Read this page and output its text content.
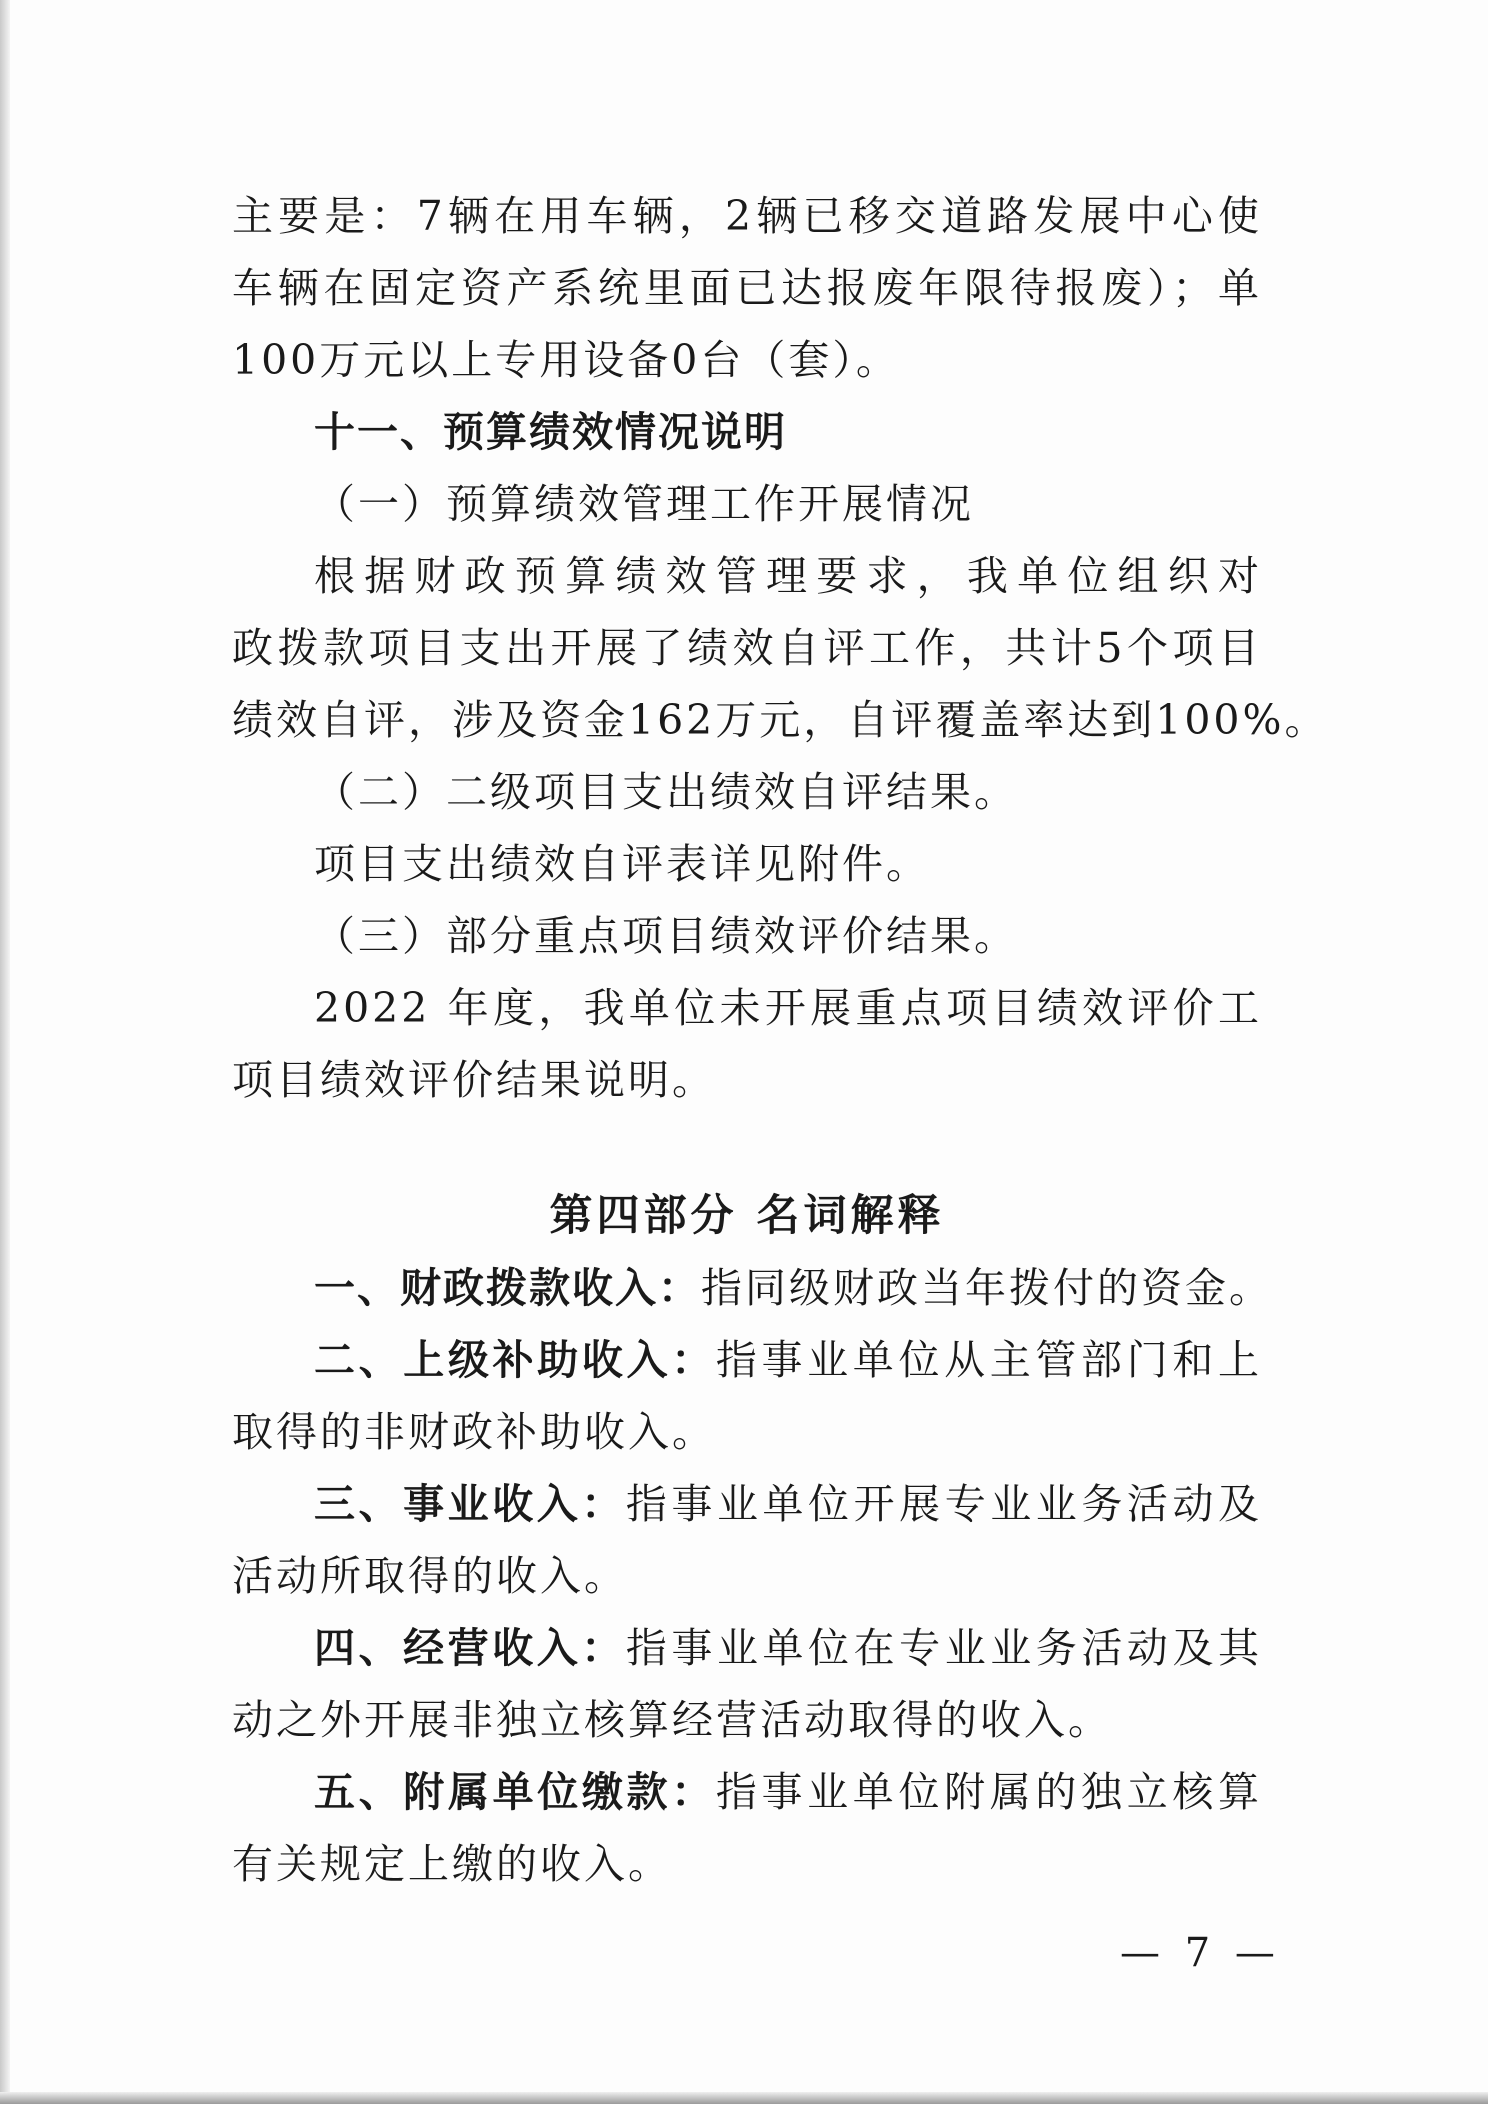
主要是：7辆在用车辆，2辆已移交道路发展中心使
车辆在固定资产系统里面已达报废年限待报废）；单
100万元以上专用设备0台（套）。
十一、预算绩效情况说明
（一）预算绩效管理工作开展情况
根据财政预算绩效管理要求，我单位组织对
政拨款项目支出开展了绩效自评工作，共计5个项目
绩效自评，涉及资金162万元，自评覆盖率达到100%。
（二）二级项目支出绩效自评结果。
项目支出绩效自评表详见附件。
（三）部分重点项目绩效评价结果。
2022 年度，我单位未开展重点项目绩效评价工
项目绩效评价结果说明。
第四部分 名词解释
一、财政拨款收入：指同级财政当年拨付的资金。
二、上级补助收入：指事业单位从主管部门和上
取得的非财政补助收入。
三、事业收入：指事业单位开展专业业务活动及
活动所取得的收入。
四、经营收入：指事业单位在专业业务活动及其
动之外开展非独立核算经营活动取得的收入。
五、附属单位缴款：指事业单位附属的独立核算
有关规定上缴的收入。
— 7 —
